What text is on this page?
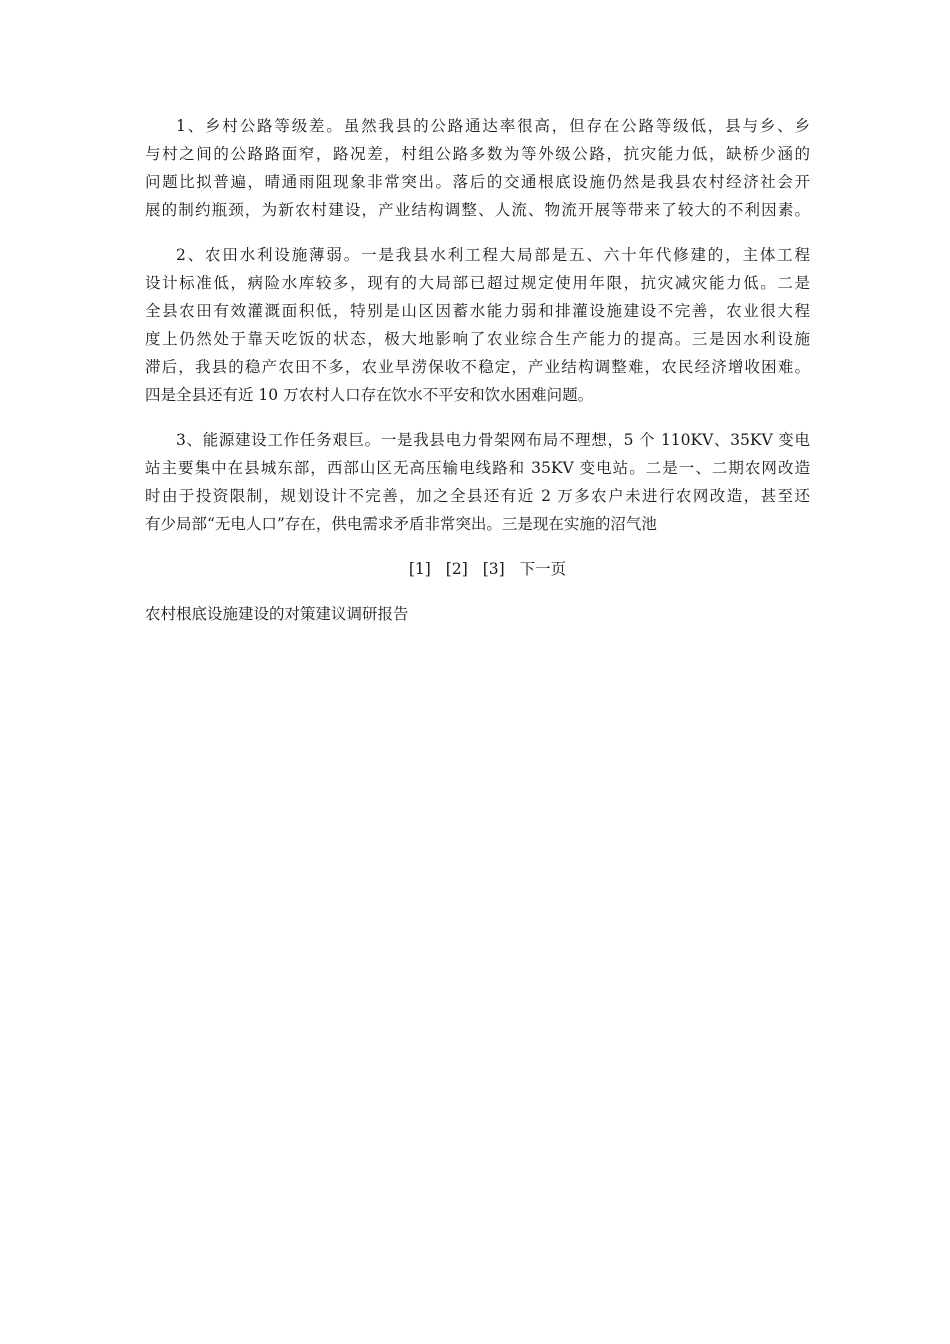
1、乡村公路等级差。虽然我县的公路通达率很高，但存在公路等级低，县与乡、乡
与村之间的公路路面窄，路况差，村组公路多数为等外级公路，抗灾能力低，缺桥少涵的
问题比拟普遍，晴通雨阻现象非常突出。落后的交通根底设施仍然是我县农村经济社会开
展的制约瓶颈，为新农村建设，产业结构调整、人流、物流开展等带来了较大的不利因素。
2、农田水利设施薄弱。一是我县水利工程大局部是五、六十年代修建的，主体工程
设计标准低，病险水库较多，现有的大局部已超过规定使用年限，抗灾减灾能力低。二是
全县农田有效灌溉面积低，特别是山区因蓄水能力弱和排灌设施建设不完善，农业很大程
度上仍然处于靠天吃饭的状态，极大地影响了农业综合生产能力的提高。三是因水利设施
滞后，我县的稳产农田不多，农业旱涝保收不稳定，产业结构调整难，农民经济增收困难。
四是全县还有近 10 万农村人口存在饮水不平安和饮水困难问题。
3、能源建设工作任务艰巨。一是我县电力骨架网布局不理想，5 个 110KV、35KV 变电
站主要集中在县城东部，西部山区无高压输电线路和 35KV 变电站。二是一、二期农网改造
时由于投资限制，规划设计不完善，加之全县还有近 2 万多农户未进行农网改造，甚至还
有少局部“无电人口”存在，供电需求矛盾非常突出。三是现在实施的沼气池
[1] [2] [3] 下一页
农村根底设施建设的对策建议调研报告
